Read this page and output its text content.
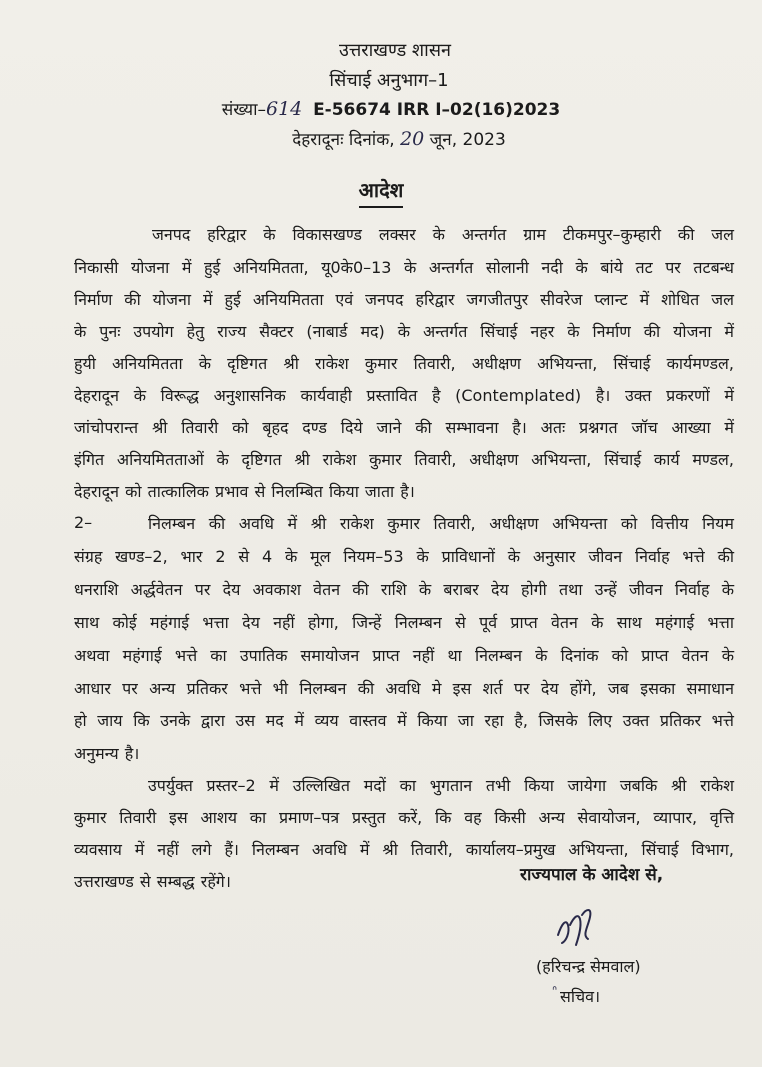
उत्तराखण्ड शासन
सिंचाई अनुभाग–1
संख्या–614 E-56674 IRR I–02(16)2023
देहरादूनः दिनांक, 20 जून, 2023
आदेश
जनपद हरिद्वार के विकासखण्ड लक्सर के अन्तर्गत ग्राम टीकमपुर–कुम्हारी की जल
निकासी योजना में हुई अनियमितता, यू0के0–13 के अन्तर्गत सोलानी नदी के बांये तट पर तटबन्ध
निर्माण की योजना में हुई अनियमितता एवं जनपद हरिद्वार जगजीतपुर सीवरेज प्लान्ट में शोधित जल
के पुनः उपयोग हेतु राज्य सैक्टर (नाबार्ड मद) के अन्तर्गत सिंचाई नहर के निर्माण की योजना में
हुयी अनियमितता के दृष्टिगत श्री राकेश कुमार तिवारी, अधीक्षण अभियन्ता, सिंचाई कार्यमण्डल,
देहरादून के विरूद्ध अनुशासनिक कार्यवाही प्रस्तावित है (Contemplated) है। उक्त प्रकरणों में
जांचोपरान्त श्री तिवारी को बृहद दण्ड दिये जाने की सम्भावना है। अतः प्रश्नगत जॉच आख्या में
इंगित अनियमितताओं के दृष्टिगत श्री राकेश कुमार तिवारी, अधीक्षण अभियन्ता, सिंचाई कार्य मण्डल,
देहरादून को तात्कालिक प्रभाव से निलम्बित किया जाता है।
2–	निलम्बन की अवधि में श्री राकेश कुमार तिवारी, अधीक्षण अभियन्ता को वित्तीय नियम
संग्रह खण्ड–2, भार 2 से 4 के मूल नियम–53 के प्राविधानों के अनुसार जीवन निर्वाह भत्ते की
धनराशि अर्द्धवेतन पर देय अवकाश वेतन की राशि के बराबर देय होगी तथा उन्हें जीवन निर्वाह के
साथ कोई महंगाई भत्ता देय नहीं होगा, जिन्हें निलम्बन से पूर्व प्राप्त वेतन के साथ महंगाई भत्ता
अथवा महंगाई भत्ते का उपातिक समायोजन प्राप्त नहीं था निलम्बन के दिनांक को प्राप्त वेतन के
आधार पर अन्य प्रतिकर भत्ते भी निलम्बन की अवधि मे इस शर्त पर देय होंगे, जब इसका समाधान
हो जाय कि उनके द्वारा उस मद में व्यय वास्तव में किया जा रहा है, जिसके लिए उक्त प्रतिकर भत्ते
अनुमन्य है।
उपर्युक्त प्रस्तर–2 में उल्लिखित मदों का भुगतान तभी किया जायेगा जबकि श्री राकेश
कुमार तिवारी इस आशय का प्रमाण–पत्र प्रस्तुत करें, कि वह किसी अन्य सेवायोजन, व्यापार, वृत्ति
व्यवसाय में नहीं लगे हैं। निलम्बन अवधि में श्री तिवारी, कार्यालय–प्रमुख अभियन्ता, सिंचाई विभाग,
उत्तराखण्ड से सम्बद्ध रहेंगे।	राज्यपाल के आदेश से,
(हरिचन्द्र सेमवाल)
ᐢ सचिव।
